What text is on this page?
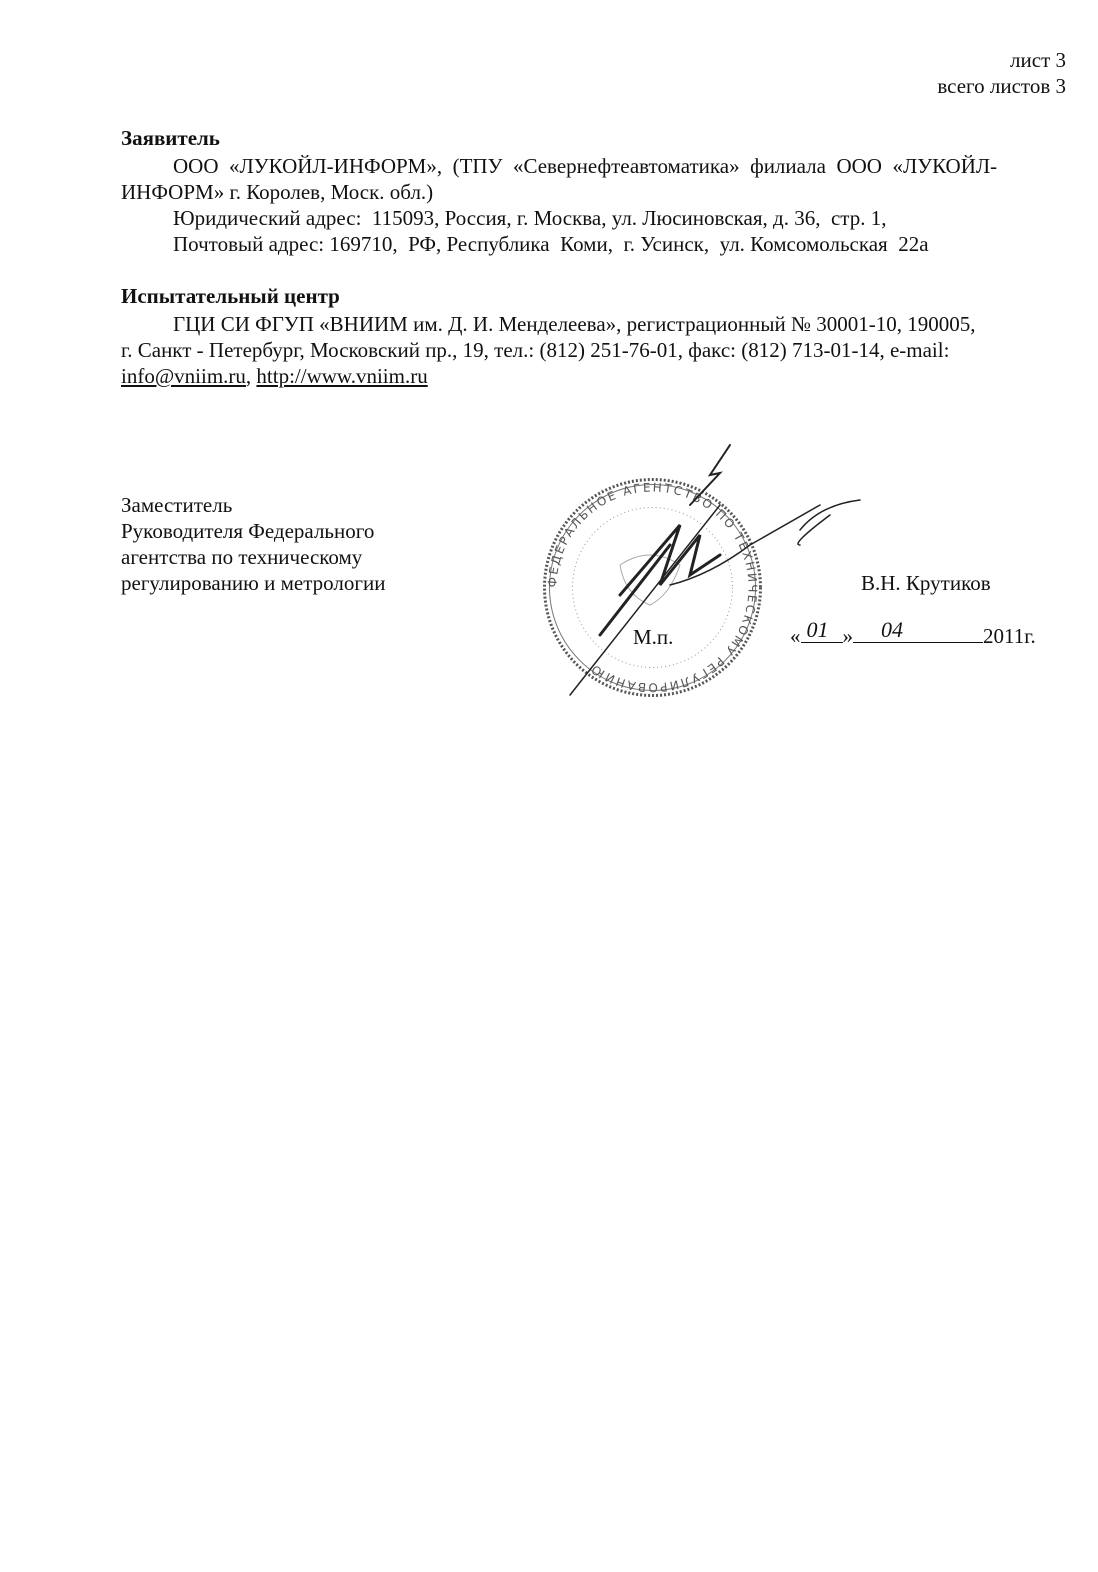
лист 3
всего листов 3
Заявитель
ООО  «ЛУКОЙЛ-ИНФОРМ»,  (ТПУ  «Севернефтеавтоматика»  филиала  ООО  «ЛУКОЙЛ-
ИНФОРМ» г. Королев, Моск. обл.)
Юридический адрес:  115093, Россия, г. Москва, ул. Люсиновская, д. 36,  стр. 1,
Почтовый адрес: 169710,  РФ, Республика  Коми,  г. Усинск,  ул. Комсомольская  22а
Испытательный центр
ГЦИ СИ ФГУП «ВНИИМ им. Д. И. Менделеева», регистрационный № 30001-10, 190005,
г. Санкт - Петербург, Московский пр., 19, тел.: (812) 251-76-01, факс: (812) 713-01-14, e-mail:
info@vniim.ru, http://www.vniim.ru
Заместитель
Руководителя Федерального
агентства по техническому
регулированию и метрологии	ФЕДЕРАЛЬНОЕ АГЕНТСТВО ПО ТЕХНИЧЕСКОМУ РЕГУЛИРОВАНИЮ
М.п.
В.Н. Крутиков
« 01 » 04	2011г.
